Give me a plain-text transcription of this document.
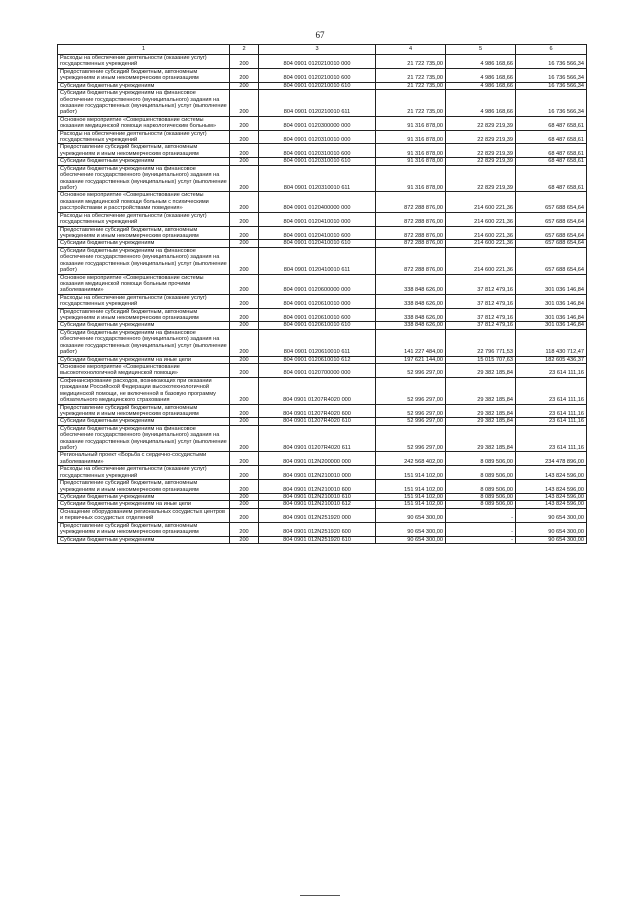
67
1	2	3	4	5	6
Расходы на обеспечение деятельности (оказание услуг) государственных учреждений	200	804 0901 0120210010 000	21 722 735,00	4 986 168,66	16 736 566,34
Предоставление субсидий бюджетным, автономным учреждениям и иным некоммерческим организациям	200	804 0901 0120210010 600	21 722 735,00	4 986 168,66	16 736 566,34
Субсидии бюджетным учреждениям	200	804 0901 0120210010 610	21 722 735,00	4 986 168,66	16 736 566,34
Субсидии бюджетным учреждениям на финансовое обеспечение государственного (муниципального) задания на оказание государственных (муниципальных) услуг (выполнение работ)	200	804 0901 0120210010 611	21 722 735,00	4 986 168,66	16 736 566,34
Основное мероприятие «Совершенствование системы оказания медицинской помощи наркологическим больным»	200	804 0901 0120300000 000	91 316 878,00	22 829 219,39	68 487 658,61
Расходы на обеспечение деятельности (оказание услуг) государственных учреждений	200	804 0901 0120310010 000	91 316 878,00	22 829 219,39	68 487 658,61
Предоставление субсидий бюджетным, автономным учреждениям и иным некоммерческим организациям	200	804 0901 0120310010 600	91 316 878,00	22 829 219,39	68 487 658,61
Субсидии бюджетным учреждениям	200	804 0901 0120310010 610	91 316 878,00	22 829 219,39	68 487 658,61
Субсидии бюджетным учреждениям на финансовое обеспечение государственного (муниципального) задания на оказание государственных (муниципальных) услуг (выполнение работ)	200	804 0901 0120310010 611	91 316 878,00	22 829 219,39	68 487 658,61
Основное мероприятие «Совершенствование системы оказания медицинской помощи больным с психическими расстройствами и расстройствами поведения»	200	804 0901 0120400000 000	872 288 876,00	214 600 221,36	657 688 654,64
Расходы на обеспечение деятельности (оказание услуг) государственных учреждений	200	804 0901 0120410010 000	872 288 876,00	214 600 221,36	657 688 654,64
Предоставление субсидий бюджетным, автономным учреждениям и иным некоммерческим организациям	200	804 0901 0120410010 600	872 288 876,00	214 600 221,36	657 688 654,64
Субсидии бюджетным учреждениям	200	804 0901 0120410010 610	872 288 876,00	214 600 221,36	657 688 654,64
Субсидии бюджетным учреждениям на финансовое обеспечение государственного (муниципального) задания на оказание государственных (муниципальных) услуг (выполнение работ)	200	804 0901 0120410010 611	872 288 876,00	214 600 221,36	657 688 654,64
Основное мероприятие «Совершенствование системы оказания медицинской помощи больным прочими заболеваниями»	200	804 0901 0120600000 000	338 848 626,00	37 812 479,16	301 036 146,84
Расходы на обеспечение деятельности (оказание услуг) государственных учреждений	200	804 0901 0120610010 000	338 848 626,00	37 812 479,16	301 036 146,84
Предоставление субсидий бюджетным, автономным учреждениям и иным некоммерческим организациям	200	804 0901 0120610010 600	338 848 626,00	37 812 479,16	301 036 146,84
Субсидии бюджетным учреждениям	200	804 0901 0120610010 610	338 848 626,00	37 812 479,16	301 036 146,84
Субсидии бюджетным учреждениям на финансовое обеспечение государственного (муниципального) задания на оказание государственных (муниципальных) услуг (выполнение работ)	200	804 0901 0120610010 611	141 227 484,00	22 796 771,53	118 430 712,47
Субсидии бюджетным учреждениям на иные цели	200	804 0901 0120610010 612	197 621 144,00	15 015 707,63	182 605 436,37
Основное мероприятие «Совершенствование высокотехнологичной медицинской помощи»	200	804 0901 0120700000 000	52 996 297,00	29 382 185,84	23 614 111,16
Софинансирование расходов, возникающих при оказании гражданам Российской Федерации высокотехнологичной медицинской помощи, не включенной в базовую программу обязательного медицинского страхования	200	804 0901 01207R4020 000	52 996 297,00	29 382 185,84	23 614 111,16
Предоставление субсидий бюджетным, автономным учреждениям и иным некоммерческим организациям	200	804 0901 01207R4020 600	52 996 297,00	29 382 185,84	23 614 111,16
Субсидии бюджетным учреждениям	200	804 0901 01207R4020 610	52 996 297,00	29 382 185,84	23 614 111,16
Субсидии бюджетным учреждениям на финансовое обеспечение государственного (муниципального) задания на оказание государственных (муниципальных) услуг (выполнение работ)	200	804 0901 01207R4020 611	52 996 297,00	29 382 185,84	23 614 111,16
Региональный проект «Борьба с сердечно-сосудистыми заболеваниями»	200	804 0901 012N200000 000	242 568 402,00	8 089 506,00	234 478 896,00
Расходы на обеспечение деятельности (оказание услуг) государственных учреждений	200	804 0901 012N210010 000	151 914 102,00	8 089 506,00	143 824 596,00
Предоставление субсидий бюджетным, автономным учреждениям и иным некоммерческим организациям	200	804 0901 012N210010 600	151 914 102,00	8 089 506,00	143 824 596,00
Субсидии бюджетным учреждениям	200	804 0901 012N210010 610	151 914 102,00	8 089 506,00	143 824 596,00
Субсидии бюджетным учреждениям на иные цели	200	804 0901 012N210010 612	151 914 102,00	8 089 506,00	143 824 596,00
Оснащение оборудованием региональных сосудистых центров и первичных сосудистых отделений	200	804 0901 012N251920 000	90 654 300,00	-	90 654 300,00
Предоставление субсидий бюджетным, автономным учреждениям и иным некоммерческим организациям	200	804 0901 012N251920 600	90 654 300,00	-	90 654 300,00
Субсидии бюджетным учреждениям	200	804 0901 012N251920 610	90 654 300,00	-	90 654 300,00
